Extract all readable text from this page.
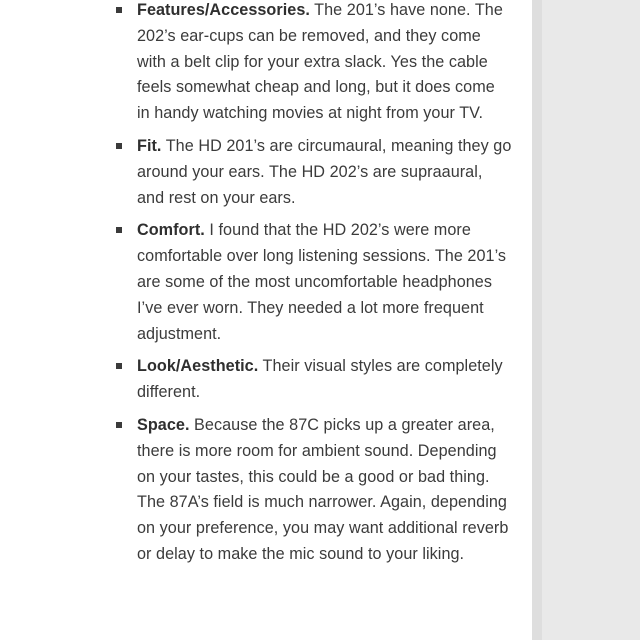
Features/Accessories. The 201’s have none. The 202’s ear-cups can be removed, and they come with a belt clip for your extra slack. Yes the cable feels somewhat cheap and long, but it does come in handy watching movies at night from your TV.
Fit. The HD 201’s are circumaural, meaning they go around your ears. The HD 202’s are supraaural, and rest on your ears.
Comfort. I found that the HD 202’s were more comfortable over long listening sessions. The 201’s are some of the most uncomfortable headphones I’ve ever worn. They needed a lot more frequent adjustment.
Look/Aesthetic. Their visual styles are completely different.
Space. Because the 87C picks up a greater area, there is more room for ambient sound. Depending on your tastes, this could be a good or bad thing. The 87A’s field is much narrower. Again, depending on your preference, you may want additional reverb or delay to make the mic sound to your liking.
